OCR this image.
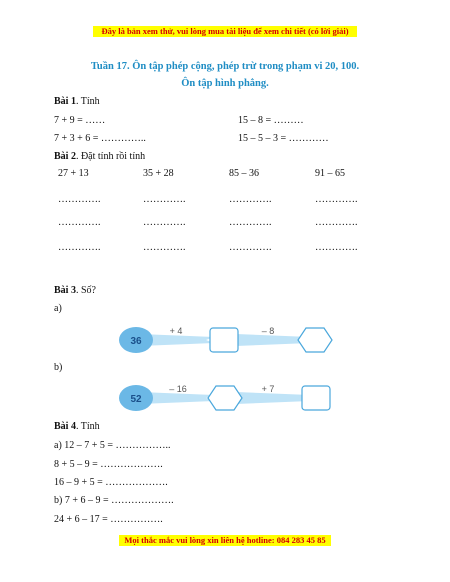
Đây là bản xem thử, vui lòng mua tài liệu để xem chi tiết (có lời giải)
Tuần 17. Ôn tập phép cộng, phép trừ trong phạm vi 20, 100.
Ôn tập hình phẳng.
Bài 1. Tính
7 + 9 = ……	15 – 8 = ………
7 + 3 + 6 = …………..	15 – 5 – 3 = …………
Bài 2. Đặt tính rồi tính
27 + 13	35 + 28	85 – 36	91 – 65
………….	………….	………….	………….
………….	………….	………….	………….
………….	………….	………….	………….
Bài 3. Số?
a)
36
+ 4	– 8
b)
52
– 16	+ 7
Bài 4. Tính
a) 12 – 7 + 5 = ……………..
8 + 5 – 9 = ……………….
16 – 9 + 5 = ……………….
b) 7 + 6 – 9 = ……………….
24 + 6 – 17 = …………….
Mọi thắc mắc vui lòng xin liên hệ hotline: 084 283 45 85
